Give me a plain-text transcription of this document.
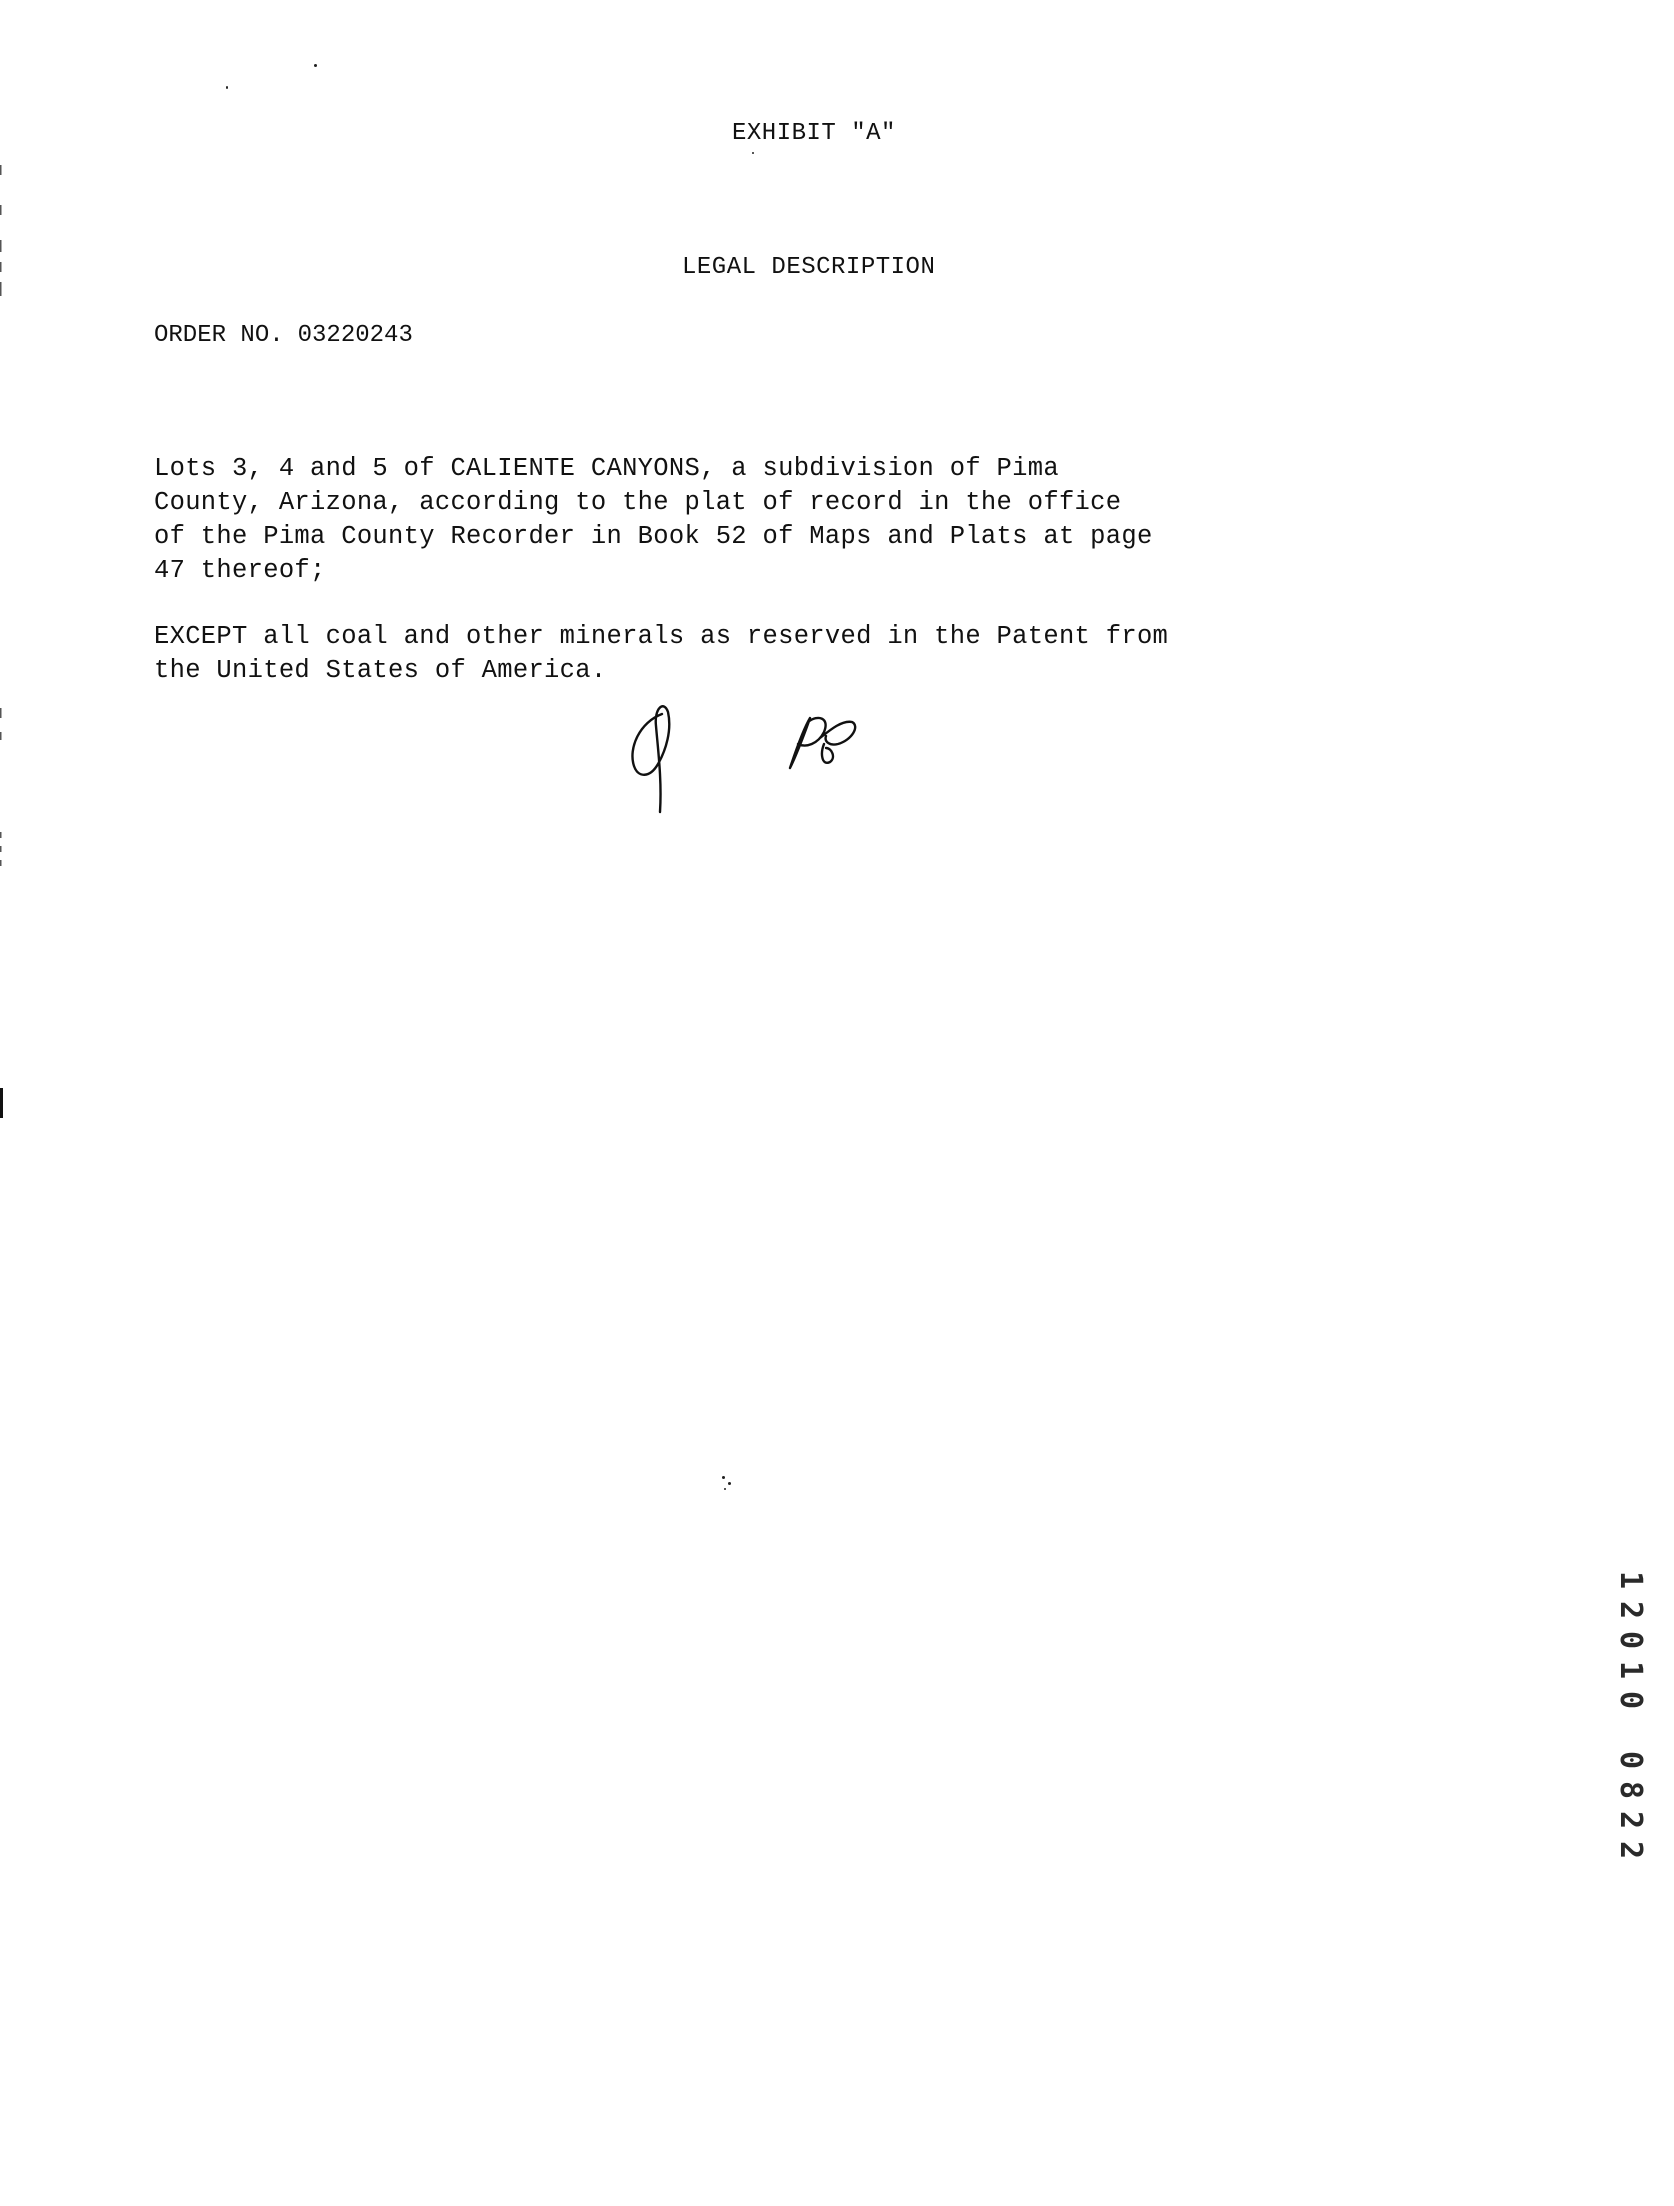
EXHIBIT "A"
LEGAL DESCRIPTION
ORDER NO. 03220243
Lots 3, 4 and 5 of CALIENTE CANYONS, a subdivision of Pima
County, Arizona, according to the plat of record in the office
of the Pima County Recorder in Book 52 of Maps and Plats at page
47 thereof;
EXCEPT all coal and other minerals as reserved in the Patent from
the United States of America.
1
2
0
1
0
0
8
2
2
